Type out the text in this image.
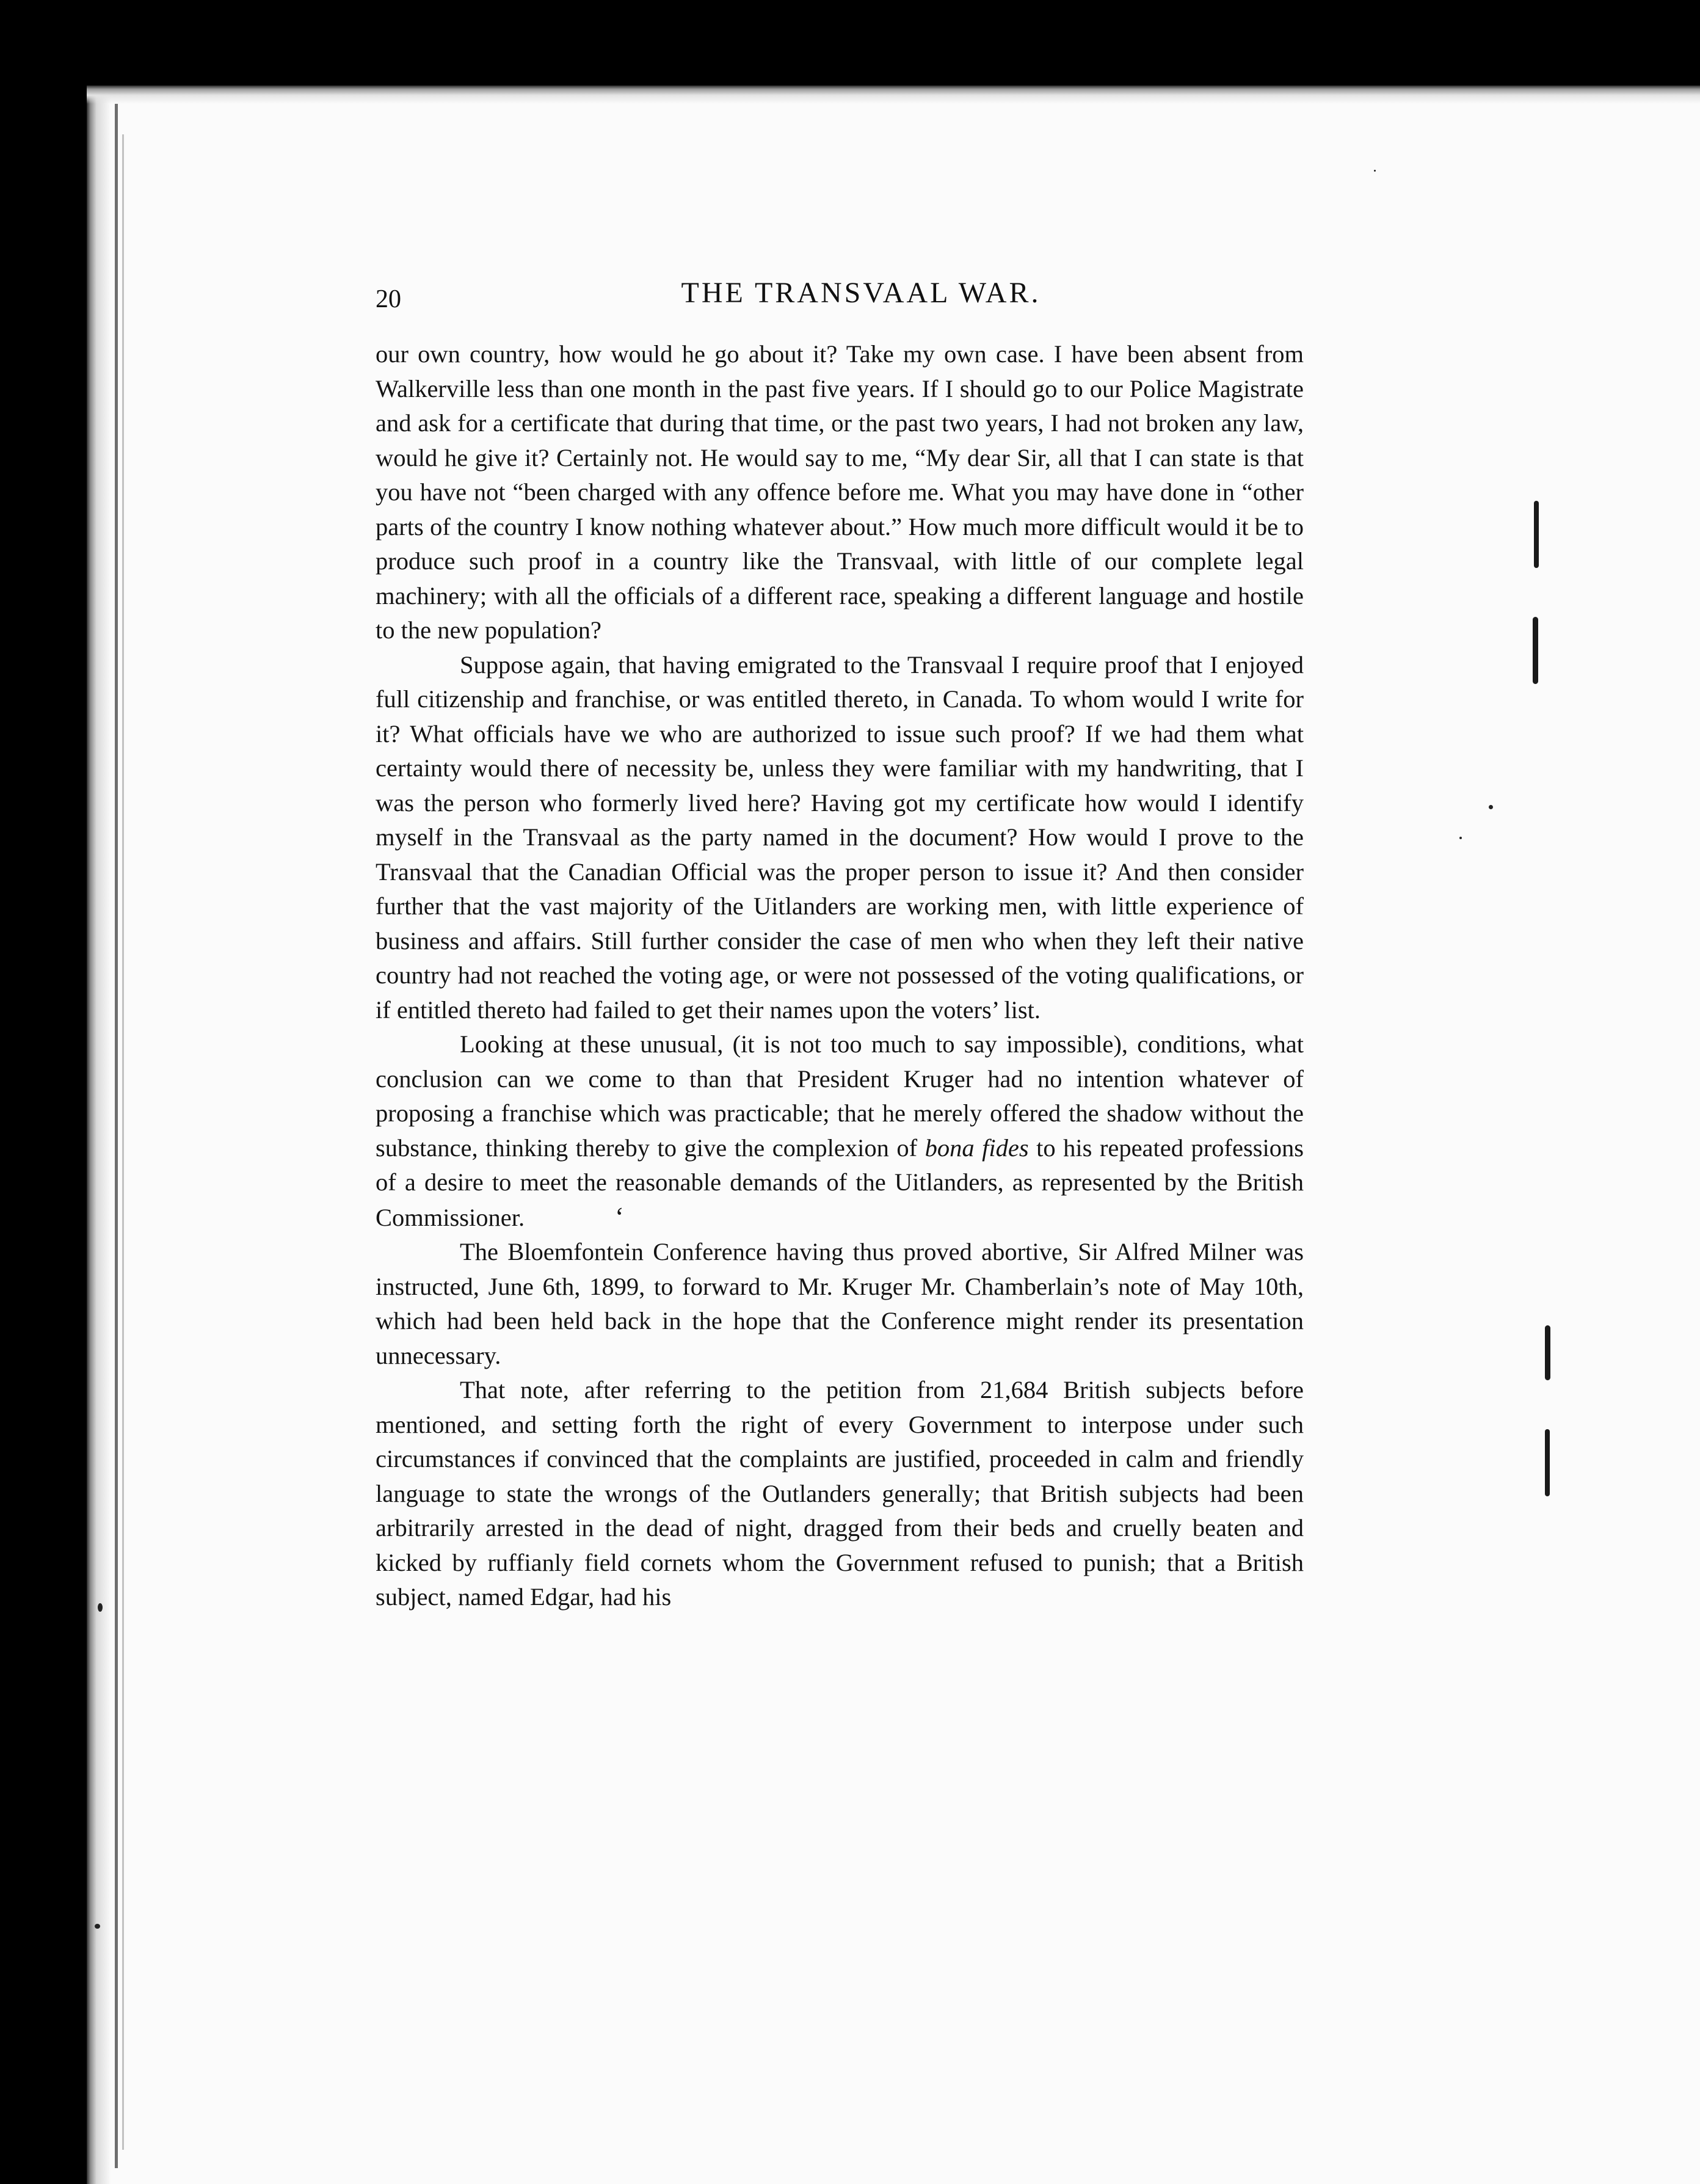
20	THE TRANSVAAL WAR.

our own country, how would he go about it? Take my own case. I have been absent from Walkerville less than one month in the past five years. If I should go to our Police Magistrate and ask for a certificate that during that time, or the past two years, I had not broken any law, would he give it? Certainly not. He would say to me, “My dear Sir, all that I can state is that you have not “been charged with any offence before me. What you may have done in “other parts of the country I know nothing whatever about.” How much more difficult would it be to produce such proof in a country like the Transvaal, with little of our complete legal machinery; with all the officials of a different race, speaking a different language and hostile to the new population?

Suppose again, that having emigrated to the Transvaal I require proof that I enjoyed full citizenship and franchise, or was entitled thereto, in Canada. To whom would I write for it? What officials have we who are authorized to issue such proof? If we had them what certainty would there of necessity be, unless they were familiar with my handwriting, that I was the person who formerly lived here? Having got my certificate how would I identify myself in the Transvaal as the party named in the document? How would I prove to the Transvaal that the Canadian Official was the proper person to issue it? And then consider further that the vast majority of the Uitlanders are working men, with little experience of business and affairs. Still further consider the case of men who when they left their native country had not reached the voting age, or were not possessed of the voting qualifications, or if entitled thereto had failed to get their names upon the voters’ list.

Looking at these unusual, (it is not too much to say impossible), conditions, what conclusion can we come to than that President Kruger had no intention whatever of proposing a franchise which was practicable; that he merely offered the shadow without the substance, thinking thereby to give the complexion of bona fides to his repeated professions of a desire to meet the reasonable demands of the Uitlanders, as represented by the British Commissioner.	‘

The Bloemfontein Conference having thus proved abortive, Sir Alfred Milner was instructed, June 6th, 1899, to forward to Mr. Kruger Mr. Chamberlain’s note of May 10th, which had been held back in the hope that the Conference might render its presentation unnecessary.

That note, after referring to the petition from 21,684 British subjects before mentioned, and setting forth the right of every Government to interpose under such circumstances if convinced that the complaints are justified, proceeded in calm and friendly language to state the wrongs of the Outlanders generally; that British subjects had been arbitrarily arrested in the dead of night, dragged from their beds and cruelly beaten and kicked by ruffianly field cornets whom the Government refused to punish; that a British subject, named Edgar, had his
